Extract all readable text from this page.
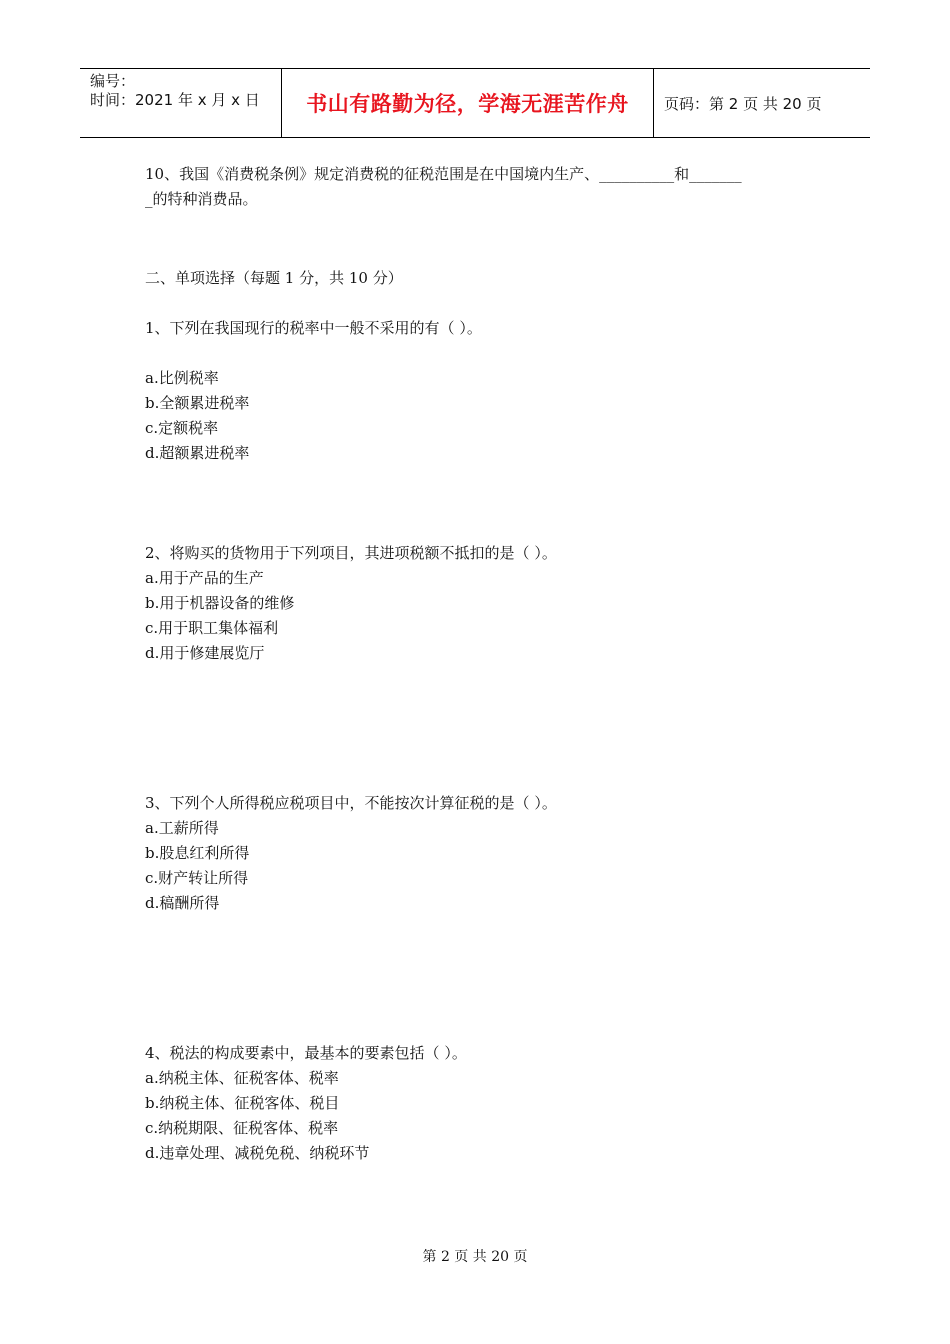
编号：
时间：2021 年 x 月 x 日	书山有路勤为径，学海无涯苦作舟 页码：第 2 页 共 20 页
10、我国《消费税条例》规定消费税的征税范围是在中国境内生产、__________和_______
_的特种消费品。
二、单项选择（每题 1 分，共 10 分）
1、下列在我国现行的税率中一般不采用的有（ ）。
a.比例税率
b.全额累进税率
c.定额税率
d.超额累进税率
2、将购买的货物用于下列项目，其进项税额不抵扣的是（ ）。
a.用于产品的生产
b.用于机器设备的维修
c.用于职工集体福利
d.用于修建展览厅
3、下列个人所得税应税项目中，不能按次计算征税的是（ ）。
a.工薪所得
b.股息红利所得
c.财产转让所得
d.稿酬所得
4、税法的构成要素中，最基本的要素包括（ ）。
a.纳税主体、征税客体、税率
b.纳税主体、征税客体、税目
c.纳税期限、征税客体、税率
d.违章处理、减税免税、纳税环节
第 2 页 共 20 页
